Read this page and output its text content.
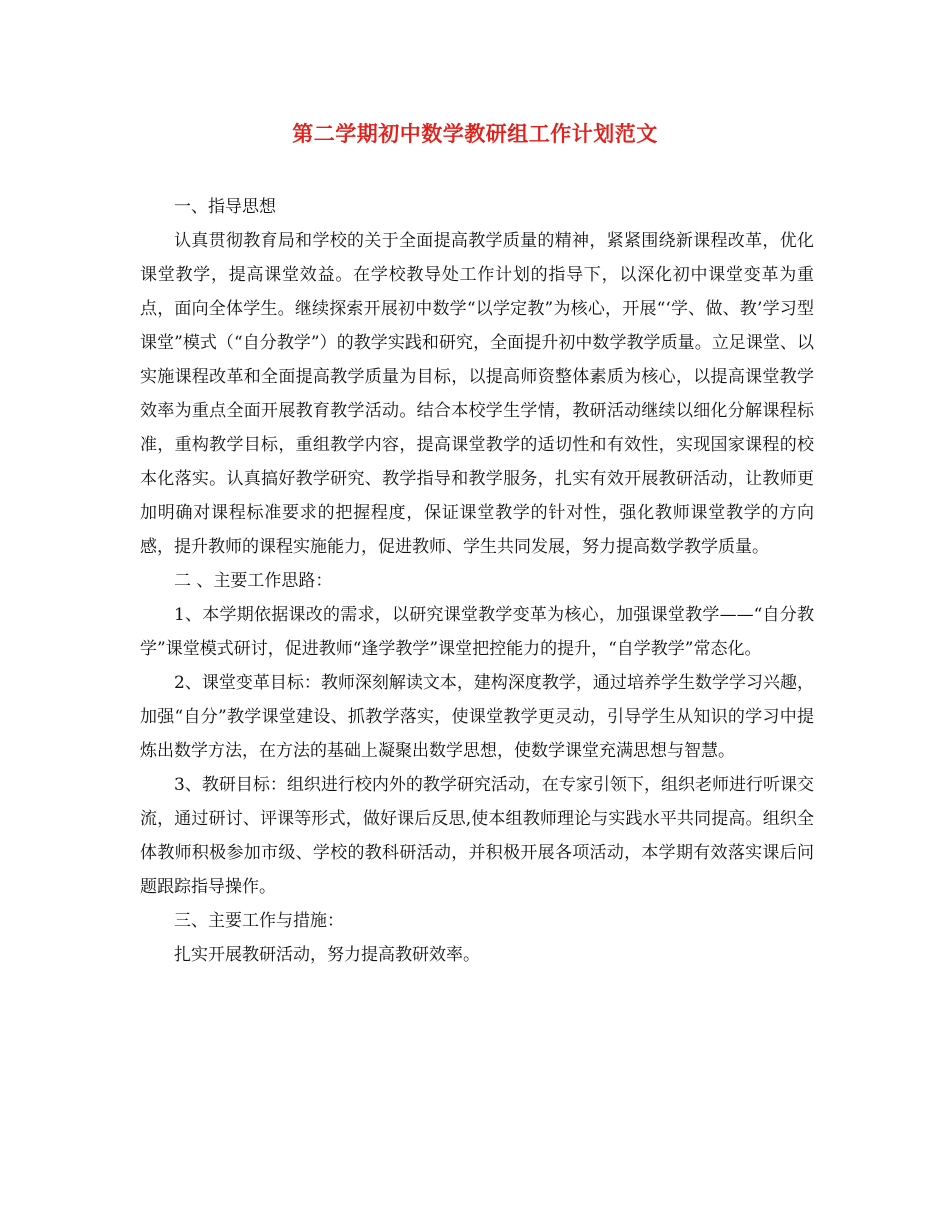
第二学期初中数学教研组工作计划范文

一、指导思想

认真贯彻教育局和学校的关于全面提高教学质量的精神，紧紧围绕新课程改革，优化课堂教学，提高课堂效益。在学校教导处工作计划的指导下，以深化初中课堂变革为重点，面向全体学生。继续探索开展初中数学“以学定教”为核心，开展“‘学、做、教’学习型课堂”模式（“自分教学”）的教学实践和研究，全面提升初中数学教学质量。立足课堂、以实施课程改革和全面提高教学质量为目标，以提高师资整体素质为核心，以提高课堂教学效率为重点全面开展教育教学活动。结合本校学生学情，教研活动继续以细化分解课程标准，重构教学目标，重组教学内容，提高课堂教学的适切性和有效性，实现国家课程的校本化落实。认真搞好教学研究、教学指导和教学服务，扎实有效开展教研活动，让教师更加明确对课程标准要求的把握程度，保证课堂教学的针对性，强化教师课堂教学的方向感，提升教师的课程实施能力，促进教师、学生共同发展，努力提高数学教学质量。

二 、主要工作思路：

1、本学期依据课改的需求，以研究课堂教学变革为核心，加强课堂教学——“自分教学”课堂模式研讨，促进教师“逢学教学”课堂把控能力的提升，“自学教学”常态化。

2、课堂变革目标：教师深刻解读文本，建构深度教学，通过培养学生数学学习兴趣，加强“自分”教学课堂建设、抓教学落实，使课堂教学更灵动，引导学生从知识的学习中提炼出数学方法，在方法的基础上凝聚出数学思想，使数学课堂充满思想与智慧。

3、教研目标：组织进行校内外的教学研究活动，在专家引领下，组织老师进行听课交流，通过研讨、评课等形式，做好课后反思,使本组教师理论与实践水平共同提高。组织全体教师积极参加市级、学校的教科研活动，并积极开展各项活动，本学期有效落实课后问题跟踪指导操作。

三、主要工作与措施：

扎实开展教研活动，努力提高教研效率。
